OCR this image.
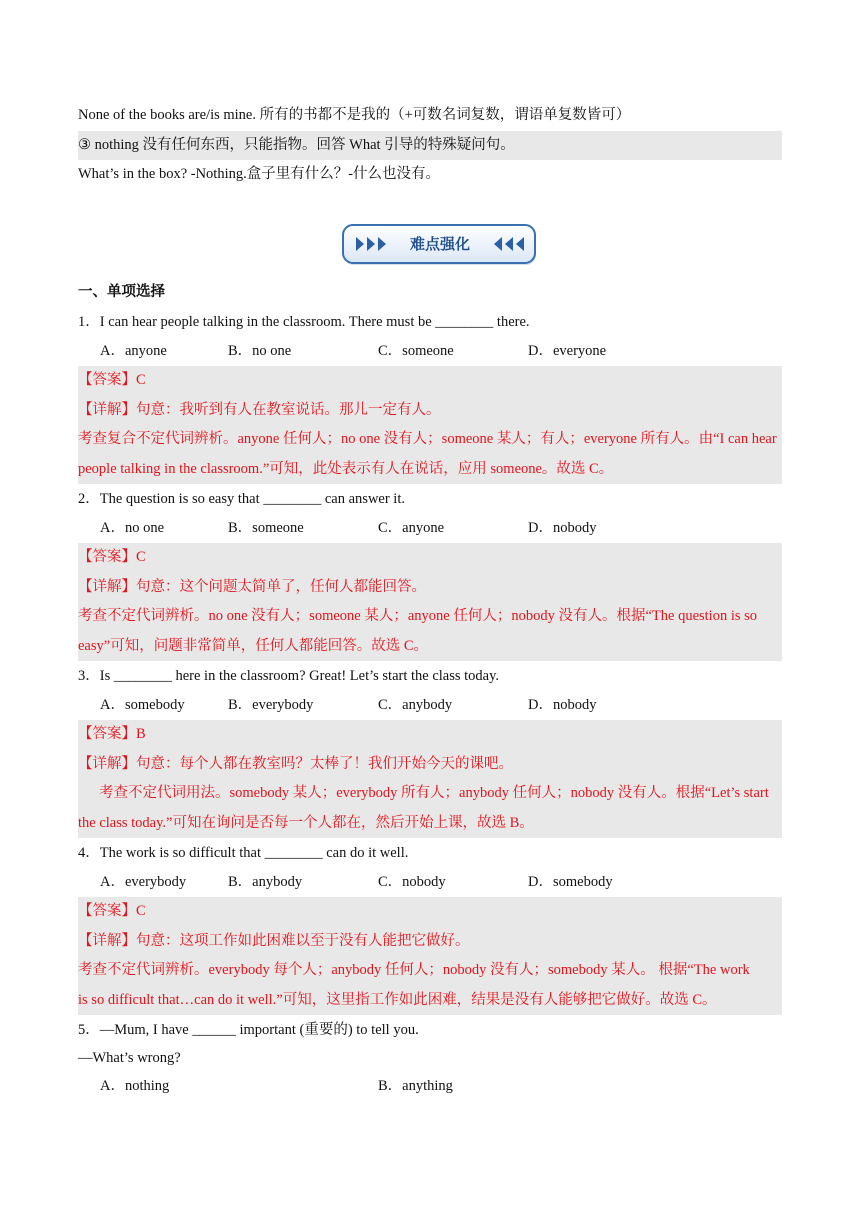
None of the books are/is mine. 所有的书都不是我的（+可数名词复数，谓语单复数皆可）
③ nothing 没有任何东西，只能指物。回答 What 引导的特殊疑问句。
What’s in the box? -Nothing.盒子里有什么？-什么也没有。
难点强化
一、单项选择
1．I can hear people talking in the classroom. There must be ________ there.
A．anyone	B．no one	C．someone	D．everyone
【答案】C
【详解】句意：我听到有人在教室说话。那儿一定有人。
考查复合不定代词辨析。anyone 任何人；no one 没有人；someone 某人；有人；everyone 所有人。由“I can hear
people talking in the classroom.”可知，此处表示有人在说话，应用 someone。故选 C。
2．The question is so easy that ________ can answer it.
A．no one	B．someone	C．anyone	D．nobody
【答案】C
【详解】句意：这个问题太简单了，任何人都能回答。
考查不定代词辨析。no one 没有人；someone 某人；anyone 任何人；nobody 没有人。根据“The question is so
easy”可知，问题非常简单，任何人都能回答。故选 C。
3．Is ________ here in the classroom? Great! Let’s start the class today.
A．somebody	B．everybody	C．anybody	D．nobody
【答案】B
【详解】句意：每个人都在教室吗？太棒了！我们开始今天的课吧。
考查不定代词用法。somebody 某人；everybody 所有人；anybody 任何人；nobody 没有人。根据“Let’s start
the class today.”可知在询问是否每一个人都在，然后开始上课，故选 B。
4．The work is so difficult that ________ can do it well.
A．everybody	B．anybody	C．nobody	D．somebody
【答案】C
【详解】句意：这项工作如此困难以至于没有人能把它做好。
考查不定代词辨析。everybody 每个人；anybody 任何人；nobody 没有人；somebody 某人。 根据“The work
is so difficult that…can do it well.”可知，这里指工作如此困难，结果是没有人能够把它做好。故选 C。
5．—Mum, I have ______ important (重要的) to tell you.
—What’s wrong?
A．nothing	B．anything
